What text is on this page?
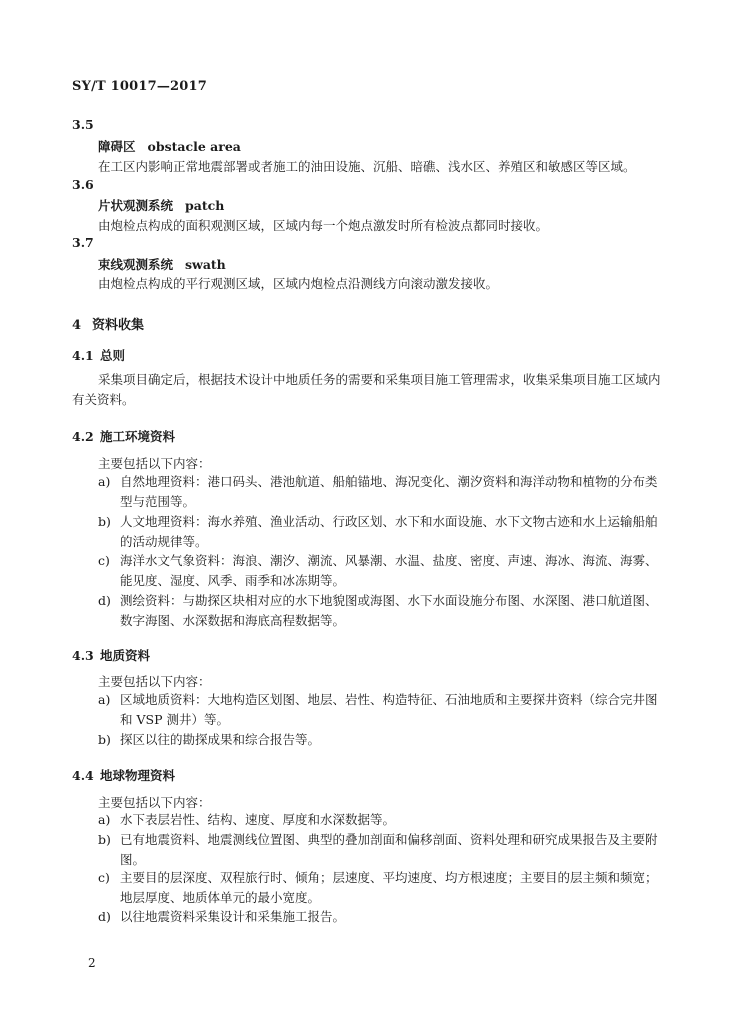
SY/T 10017—2017
3.5
障碍区 obstacle area
在工区内影响正常地震部署或者施工的油田设施、沉船、暗礁、浅水区、养殖区和敏感区等区域。
3.6
片状观测系统 patch
由炮检点构成的面积观测区域，区域内每一个炮点激发时所有检波点都同时接收。
3.7
束线观测系统 swath
由炮检点构成的平行观测区域，区域内炮检点沿测线方向滚动激发接收。
4 资料收集
4.1 总则
采集项目确定后，根据技术设计中地质任务的需要和采集项目施工管理需求，收集采集项目施工区域内有关资料。
4.2 施工环境资料
主要包括以下内容：
a) 自然地理资料：港口码头、港池航道、船舶锚地、海况变化、潮汐资料和海洋动物和植物的分布类型与范围等。
b) 人文地理资料：海水养殖、渔业活动、行政区划、水下和水面设施、水下文物古迹和水上运输船舶的活动规律等。
c) 海洋水文气象资料：海浪、潮汐、潮流、风暴潮、水温、盐度、密度、声速、海冰、海流、海雾、能见度、湿度、风季、雨季和冰冻期等。
d) 测绘资料：与勘探区块相对应的水下地貌图或海图、水下水面设施分布图、水深图、港口航道图、数字海图、水深数据和海底高程数据等。
4.3 地质资料
主要包括以下内容：
a) 区域地质资料：大地构造区划图、地层、岩性、构造特征、石油地质和主要探井资料（综合完井图和 VSP 测井）等。
b) 探区以往的勘探成果和综合报告等。
4.4 地球物理资料
主要包括以下内容：
a) 水下表层岩性、结构、速度、厚度和水深数据等。
b) 已有地震资料、地震测线位置图、典型的叠加剖面和偏移剖面、资料处理和研究成果报告及主要附图。
c) 主要目的层深度、双程旅行时、倾角；层速度、平均速度、均方根速度；主要目的层主频和频宽；地层厚度、地质体单元的最小宽度。
d) 以往地震资料采集设计和采集施工报告。
2
